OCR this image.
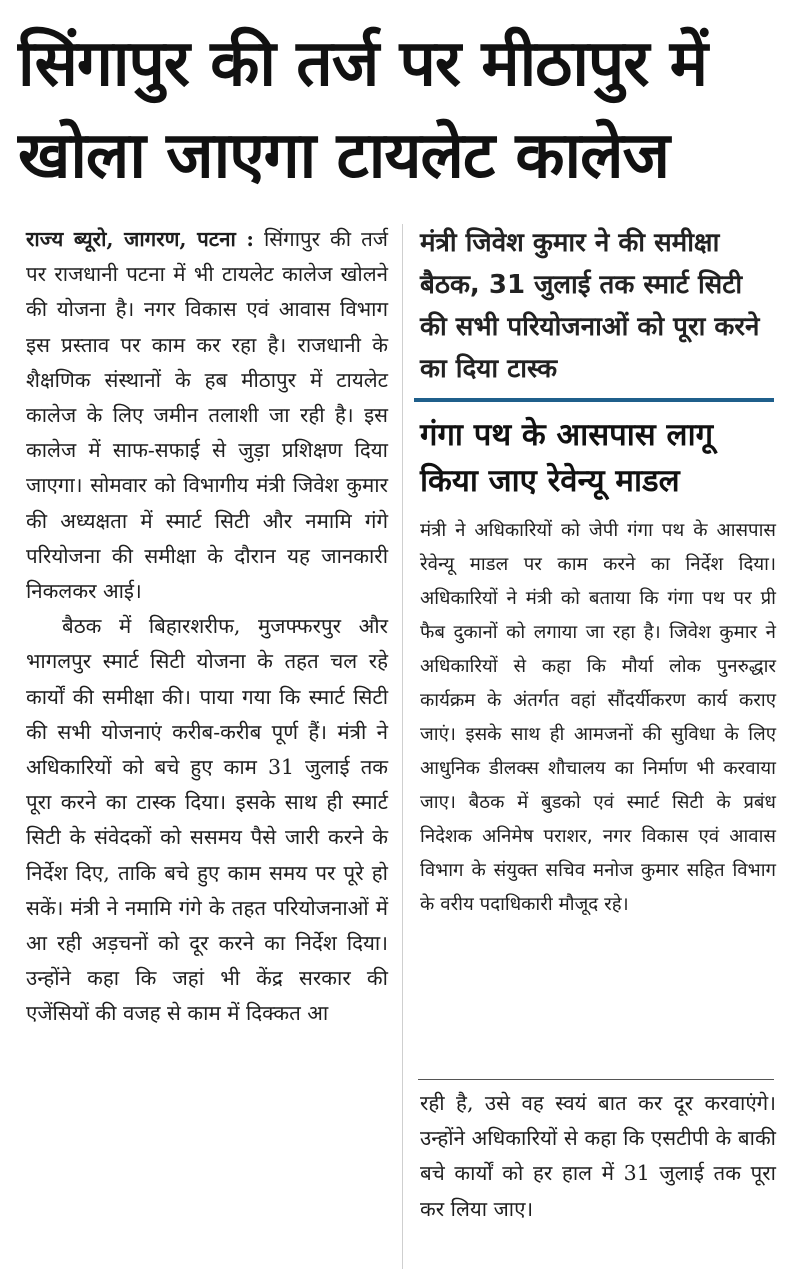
सिंगापुर की तर्ज पर मीठापुर में
खोला जाएगा टायलेट कालेज

राज्य ब्यूरो, जागरण, पटना : सिंगापुर की तर्ज पर राजधानी पटना में भी टायलेट कालेज खोलने की योजना है। नगर विकास एवं आवास विभाग इस प्रस्ताव पर काम कर रहा है। राजधानी के शैक्षणिक संस्थानों के हब मीठापुर में टायलेट कालेज के लिए जमीन तलाशी जा रही है। इस कालेज में साफ-सफाई से जुड़ा प्रशिक्षण दिया जाएगा। सोमवार को विभागीय मंत्री जिवेश कुमार की अध्यक्षता में स्मार्ट सिटी और नमामि गंगे परियोजना की समीक्षा के दौरान यह जानकारी निकलकर आई।

बैठक में बिहारशरीफ, मुजफ्फरपुर और भागलपुर स्मार्ट सिटी योजना के तहत चल रहे कार्यों की समीक्षा की। पाया गया कि स्मार्ट सिटी की सभी योजनाएं करीब-करीब पूर्ण हैं। मंत्री ने अधिकारियों को बचे हुए काम 31 जुलाई तक पूरा करने का टास्क दिया। इसके साथ ही स्मार्ट सिटी के संवेदकों को ससमय पैसे जारी करने के निर्देश दिए, ताकि बचे हुए काम समय पर पूरे हो सकें। मंत्री ने नमामि गंगे के तहत परियोजनाओं में आ रही अड़चनों को दूर करने का निर्देश दिया। उन्होंने कहा कि जहां भी केंद्र सरकार की एजेंसियों की वजह से काम में दिक्कत आ

मंत्री जिवेश कुमार ने की समीक्षा बैठक, 31 जुलाई तक स्मार्ट सिटी की सभी परियोजनाओं को पूरा करने का दिया टास्क
गंगा पथ के आसपास लागू किया जाए रेवेन्यू माडल

मंत्री ने अधिकारियों को जेपी गंगा पथ के आसपास रेवेन्यू माडल पर काम करने का निर्देश दिया। अधिकारियों ने मंत्री को बताया कि गंगा पथ पर प्री फैब दुकानों को लगाया जा रहा है। जिवेश कुमार ने अधिकारियों से कहा कि मौर्या लोक पुनरुद्धार कार्यक्रम के अंतर्गत वहां सौंदर्यीकरण कार्य कराए जाएं। इसके साथ ही आमजनों की सुविधा के लिए आधुनिक डीलक्स शौचालय का निर्माण भी करवाया जाए। बैठक में बुडको एवं स्मार्ट सिटी के प्रबंध निदेशक अनिमेष पराशर, नगर विकास एवं आवास विभाग के संयुक्त सचिव मनोज कुमार सहित विभाग के वरीय पदाधिकारी मौजूद रहे।

रही है, उसे वह स्वयं बात कर दूर करवाएंगे। उन्होंने अधिकारियों से कहा कि एसटीपी के बाकी बचे कार्यों को हर हाल में 31 जुलाई तक पूरा कर लिया जाए।
